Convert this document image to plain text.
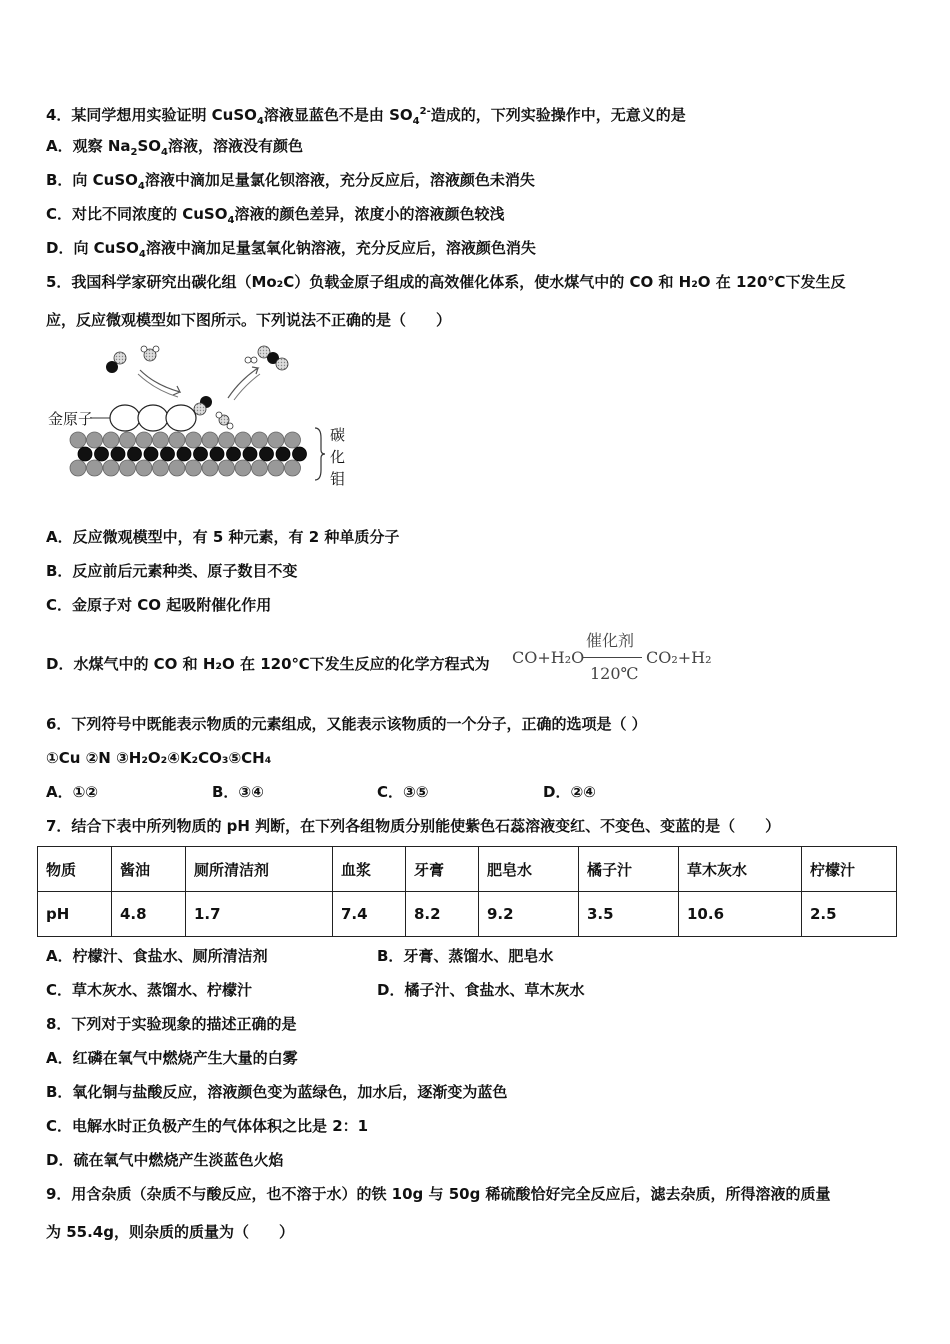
4．某同学想用实验证明 CuSO$_4$溶液显蓝色不是由 $SO_4^{2-}$造成的，下列实验操作中，无意义的是
A．观察 $Na_2SO_4$溶液，溶液没有颜色
B．向 CuSO$_4$溶液中滴加足量氯化钡溶液，充分反应后，溶液颜色未消失
C．对比不同浓度的 CuSO$_4$溶液的颜色差异，浓度小的溶液颜色较浅
D．向 CuSO$_4$溶液中滴加足量氢氧化钠溶液，充分反应后，溶液颜色消失
5．我国科学家研究出碳化组（Mo₂C）负载金原子组成的高效催化体系，使水煤气中的 CO 和 H₂O 在 120℃下发生反
应，反应微观模型如下图所示。下列说法不正确的是（　　）
金原子
碳
化
钼
A．反应微观模型中，有 5 种元素，有 2 种单质分子
B．反应前后元素种类、原子数目不变
C．金原子对 CO 起吸附催化作用
D．水煤气中的 CO 和 H₂O 在 120℃下发生反应的化学方程式为 CO+H₂O
催化剂
120℃
CO₂+H₂
6．下列符号中既能表示物质的元素组成，又能表示该物质的一个分子，正确的选项是（ ）
①Cu ②N ③H₂O₂④K₂CO₃⑤CH₄
A．①②	B．③④	C．③⑤	D．②④
7．结合下表中所列物质的 pH 判断，在下列各组物质分别能使紫色石蕊溶液变红、不变色、变蓝的是（　　）
物质	酱油	厕所清洁剂	血浆	牙膏	肥皂水	橘子汁	草木灰水	柠檬汁
pH	4.8	1.7	7.4	8.2	9.2	3.5	10.6	2.5
A．柠檬汁、食盐水、厕所清洁剂	B．牙膏、蒸馏水、肥皂水
C．草木灰水、蒸馏水、柠檬汁	D．橘子汁、食盐水、草木灰水
8．下列对于实验现象的描述正确的是
A．红磷在氧气中燃烧产生大量的白雾
B．氧化铜与盐酸反应，溶液颜色变为蓝绿色，加水后，逐渐变为蓝色
C．电解水时正负极产生的气体体积之比是 2：1
D．硫在氧气中燃烧产生淡蓝色火焰
9．用含杂质（杂质不与酸反应，也不溶于水）的铁 10g 与 50g 稀硫酸恰好完全反应后，滤去杂质，所得溶液的质量
为 55.4g，则杂质的质量为（　　）
